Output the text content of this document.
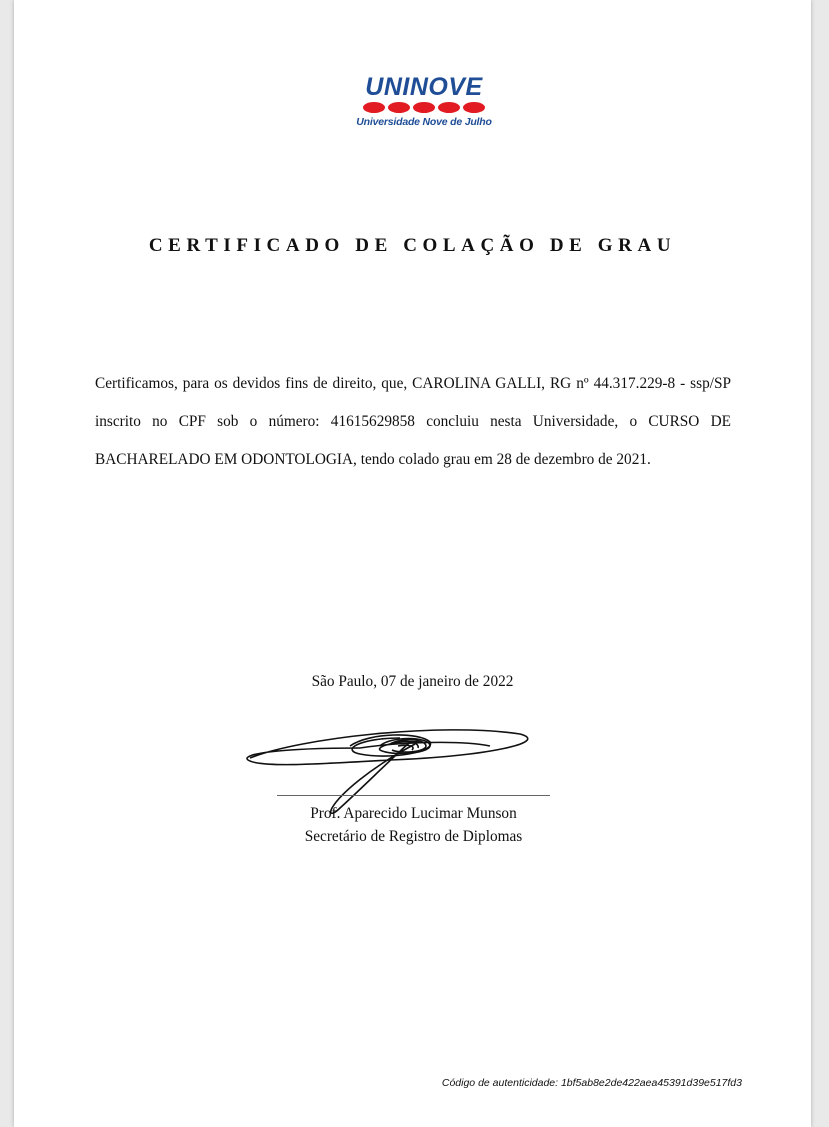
UNINOVE
Universidade Nove de Julho
CERTIFICADO DE COLAÇÃO DE GRAU
Certificamos, para os devidos fins de direito, que, CAROLINA GALLI, RG nº 44.317.229-8 - ssp/SP inscrito no CPF sob o número: 41615629858 concluiu nesta Universidade, o CURSO DE BACHARELADO EM ODONTOLOGIA, tendo colado grau em 28 de dezembro de 2021.
São Paulo, 07 de janeiro de 2022
Prof. Aparecido Lucimar Munson
Secretário de Registro de Diplomas
Código de autenticidade: 1bf5ab8e2de422aea45391d39e517fd3
